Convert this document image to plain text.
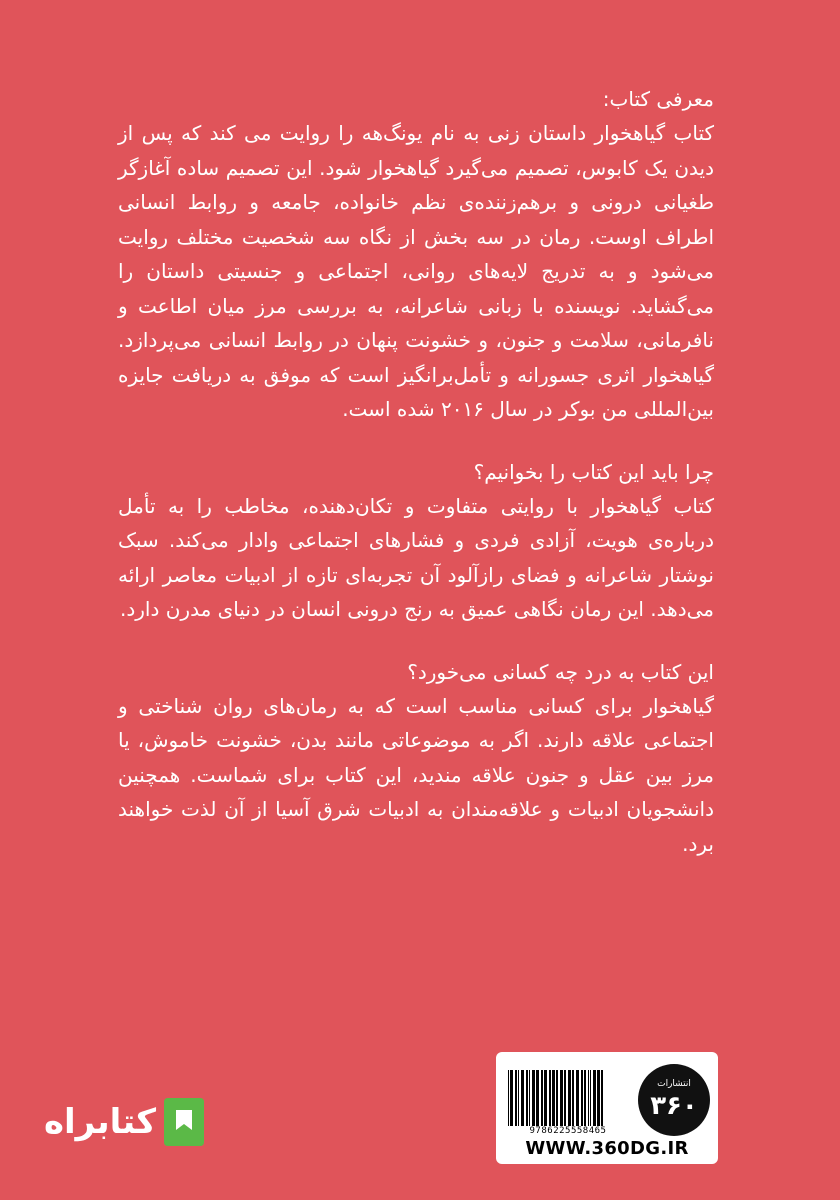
معرفی کتاب:

کتاب گیاهخوار داستان زنی به نام یونگ‌هه را روایت می کند که پس از دیدن یک کابوس، تصمیم می‌گیرد گیاهخوار شود. این تصمیم ساده آغازگر طغیانی درونی و برهم‌زننده‌ی نظم خانواده، جامعه و روابط انسانی اطراف اوست. رمان در سه بخش از نگاه سه شخصیت مختلف روایت می‌شود و به تدریج لایه‌های روانی، اجتماعی و جنسیتی داستان را می‌گشاید. نویسنده با زبانی شاعرانه، به بررسی مرز میان اطاعت و نافرمانی، سلامت و جنون، و خشونت پنهان در روابط انسانی می‌پردازد. گیاهخوار اثری جسورانه و تأمل‌برانگیز است که موفق به دریافت جایزه بین‌المللی من بوکر در سال ۲۰۱۶ شده است.

چرا باید این کتاب را بخوانیم؟

کتاب گیاهخوار با روایتی متفاوت و تکان‌دهنده، مخاطب را به تأمل درباره‌ی هویت، آزادی فردی و فشارهای اجتماعی وادار می‌کند. سبک نوشتار شاعرانه و فضای رازآلود آن تجربه‌ای تازه از ادبیات معاصر ارائه می‌دهد. این رمان نگاهی عمیق به رنج درونی انسان در دنیای مدرن دارد.

این کتاب به درد چه کسانی می‌خورد؟

گیاهخوار برای کسانی مناسب است که به رمان‌های روان شناختی و اجتماعی علاقه دارند. اگر به موضوعاتی مانند بدن، خشونت خاموش، یا مرز بین عقل و جنون علاقه مندید، این کتاب برای شماست. همچنین دانشجویان ادبیات و علاقه‌مندان به ادبیات شرق آسیا از آن لذت خواهند برد.

9786225558465
انتشارات
۳۶۰
WWW.360DG.IR
کتابراه
